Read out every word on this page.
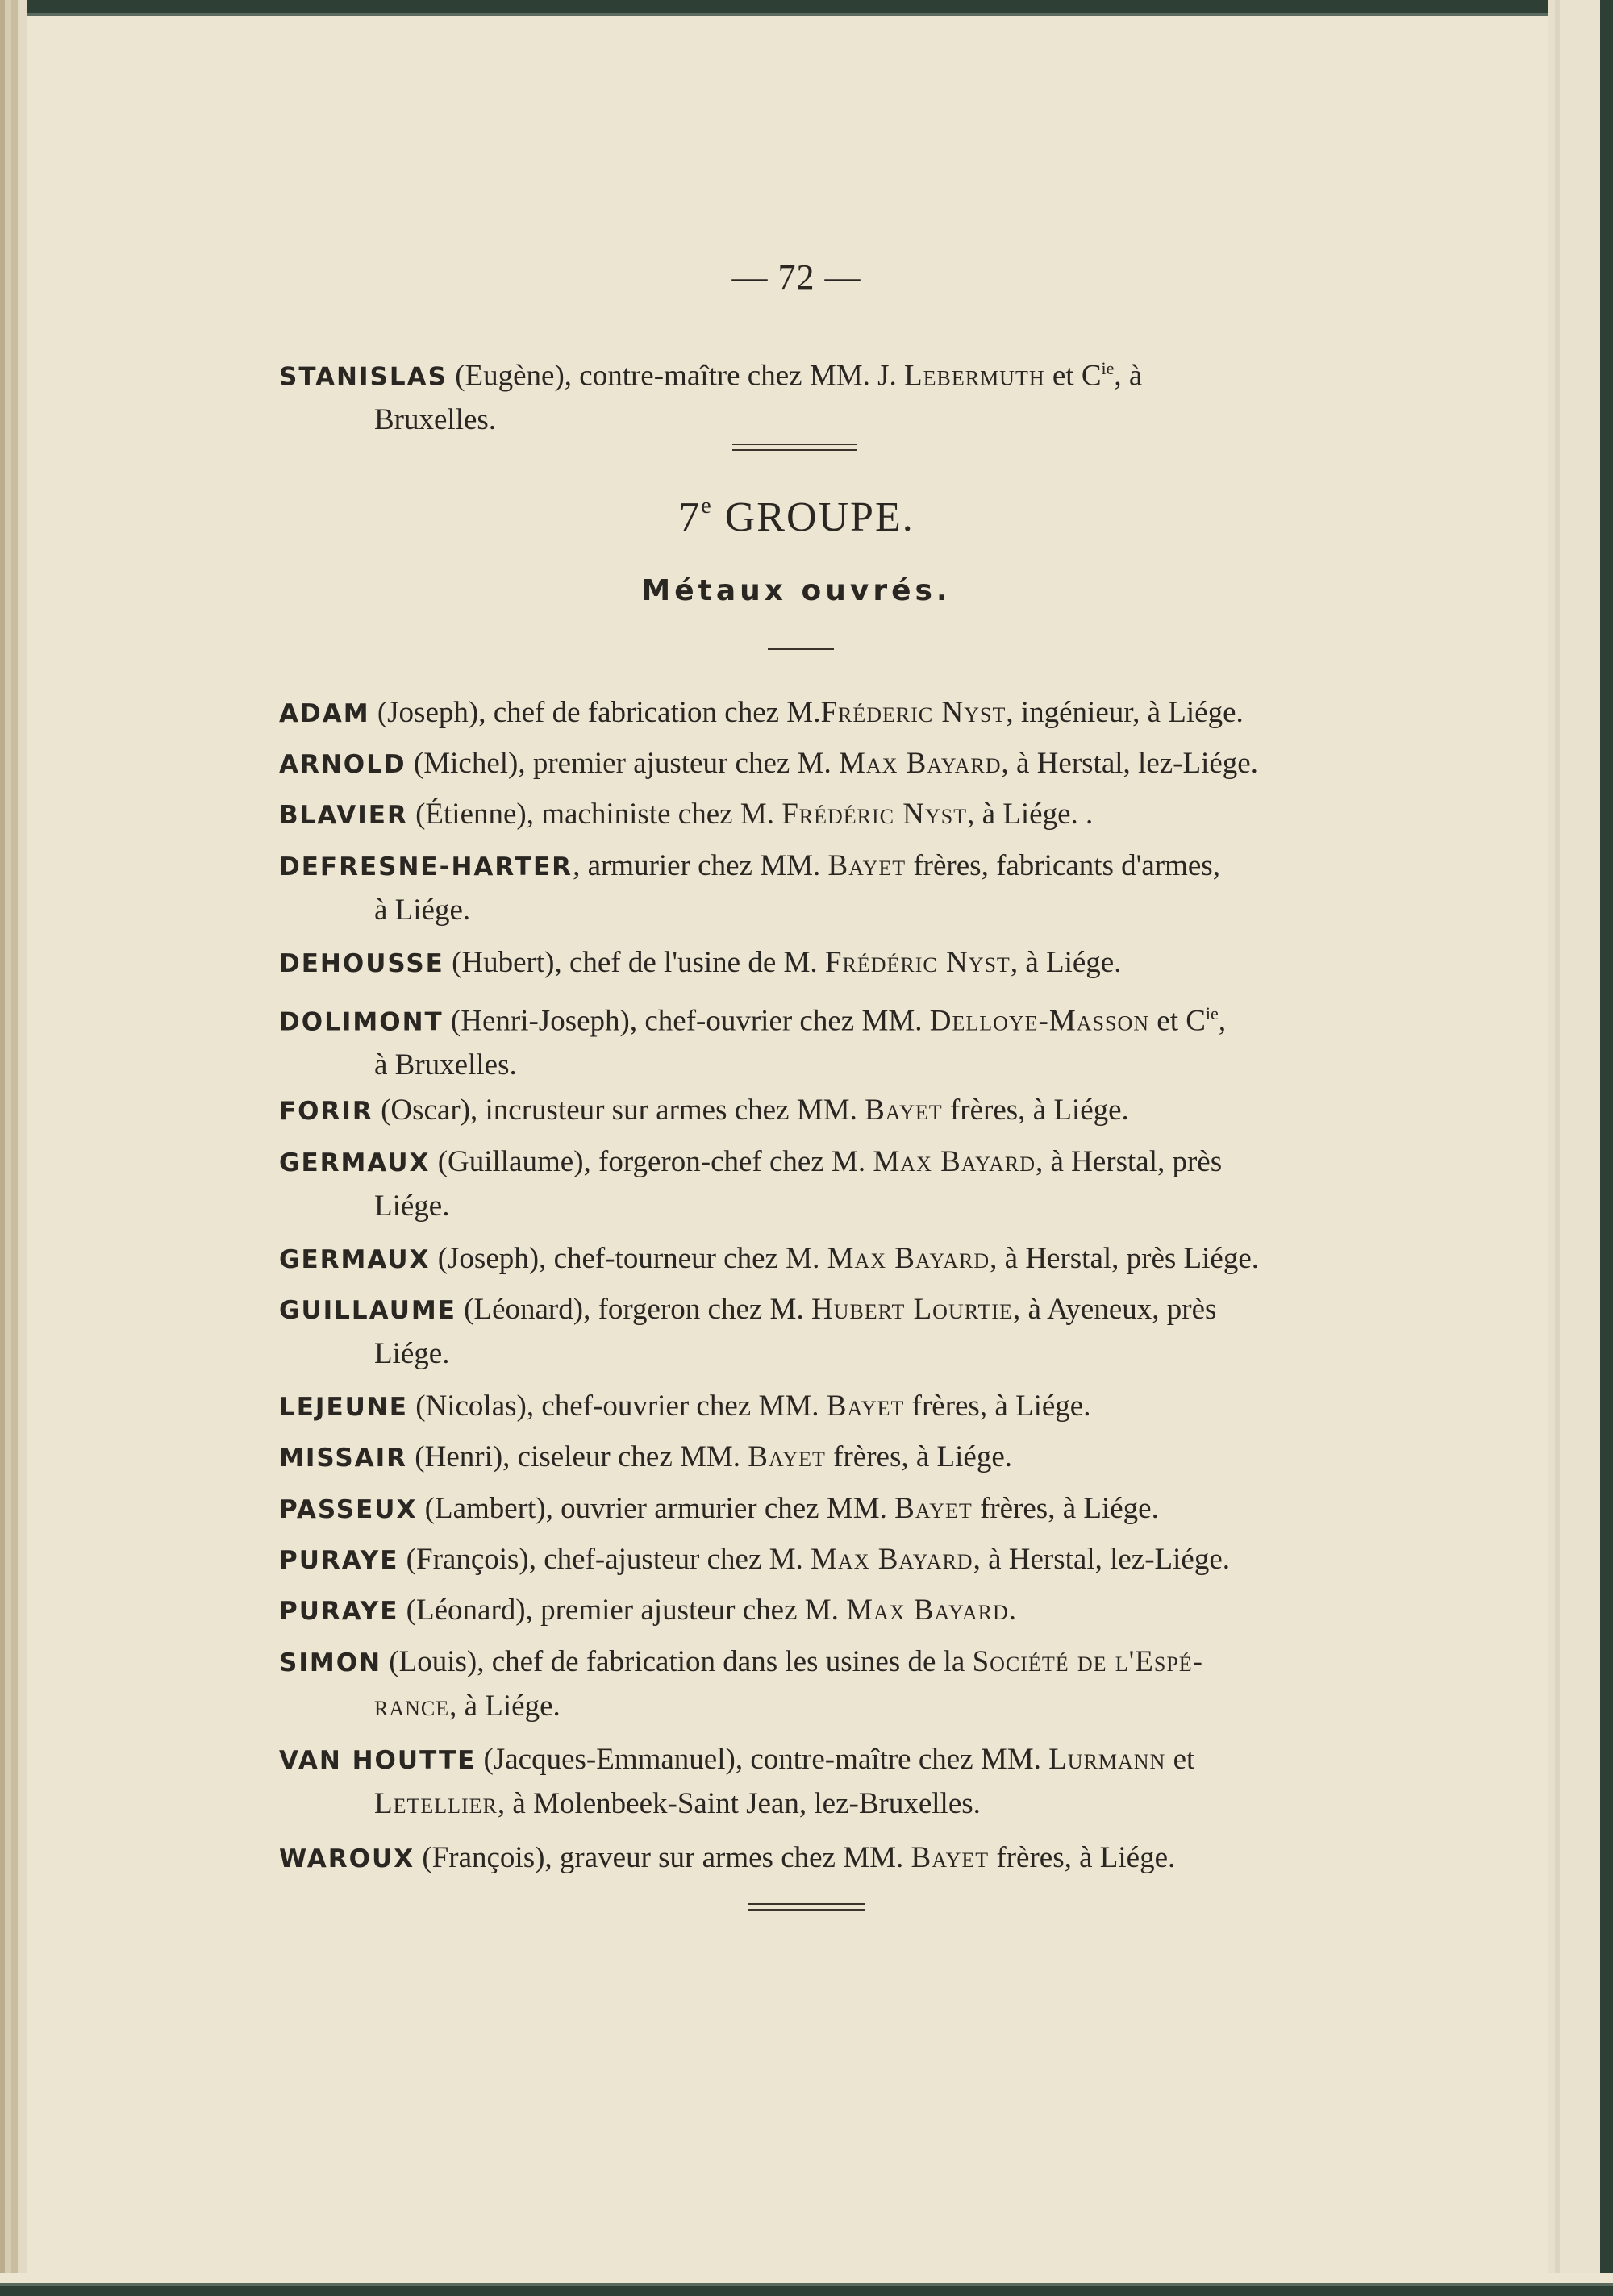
— 72 —
STANISLAS (Eugène), contre-maître chez MM. J. Lebermuth et $C^{ie}$, à
Bruxelles.
7e GROUPE.
Métaux ouvrés.
ADAM (Joseph), chef de fabrication chez M.Fréderic Nyst, ingénieur, à Liége.
ARNOLD (Michel), premier ajusteur chez M. Max Bayard, à Herstal, lez-Liége.
BLAVIER (Étienne), machiniste chez M. Frédéric Nyst, à Liége. .
DEFRESNE-HARTER, armurier chez MM. Bayet frères, fabricants d'armes,
à Liége.
DEHOUSSE (Hubert), chef de l'usine de M. Frédéric Nyst, à Liége.
DOLIMONT (Henri-Joseph), chef-ouvrier chez MM. Delloye-Masson et $C^{ie}$,
à Bruxelles.
FORIR (Oscar), incrusteur sur armes chez MM. Bayet frères, à Liége.
GERMAUX (Guillaume), forgeron-chef chez M. Max Bayard, à Herstal, près
Liége.
GERMAUX (Joseph), chef-tourneur chez M. Max Bayard, à Herstal, près Liége.
GUILLAUME (Léonard), forgeron chez M. Hubert Lourtie, à Ayeneux, près
Liége.
LEJEUNE (Nicolas), chef-ouvrier chez MM. Bayet frères, à Liége.
MISSAIR (Henri), ciseleur chez MM. Bayet frères, à Liége.
PASSEUX (Lambert), ouvrier armurier chez MM. Bayet frères, à Liége.
PURAYE (François), chef-ajusteur chez M. Max Bayard, à Herstal, lez-Liége.
PURAYE (Léonard), premier ajusteur chez M. Max Bayard.
SIMON (Louis), chef de fabrication dans les usines de la Société de l'Espé-
rance, à Liége.
VAN HOUTTE (Jacques-Emmanuel), contre-maître chez MM. Lurmann et
Letellier, à Molenbeek-Saint Jean, lez-Bruxelles.
WAROUX (François), graveur sur armes chez MM. Bayet frères, à Liége.
